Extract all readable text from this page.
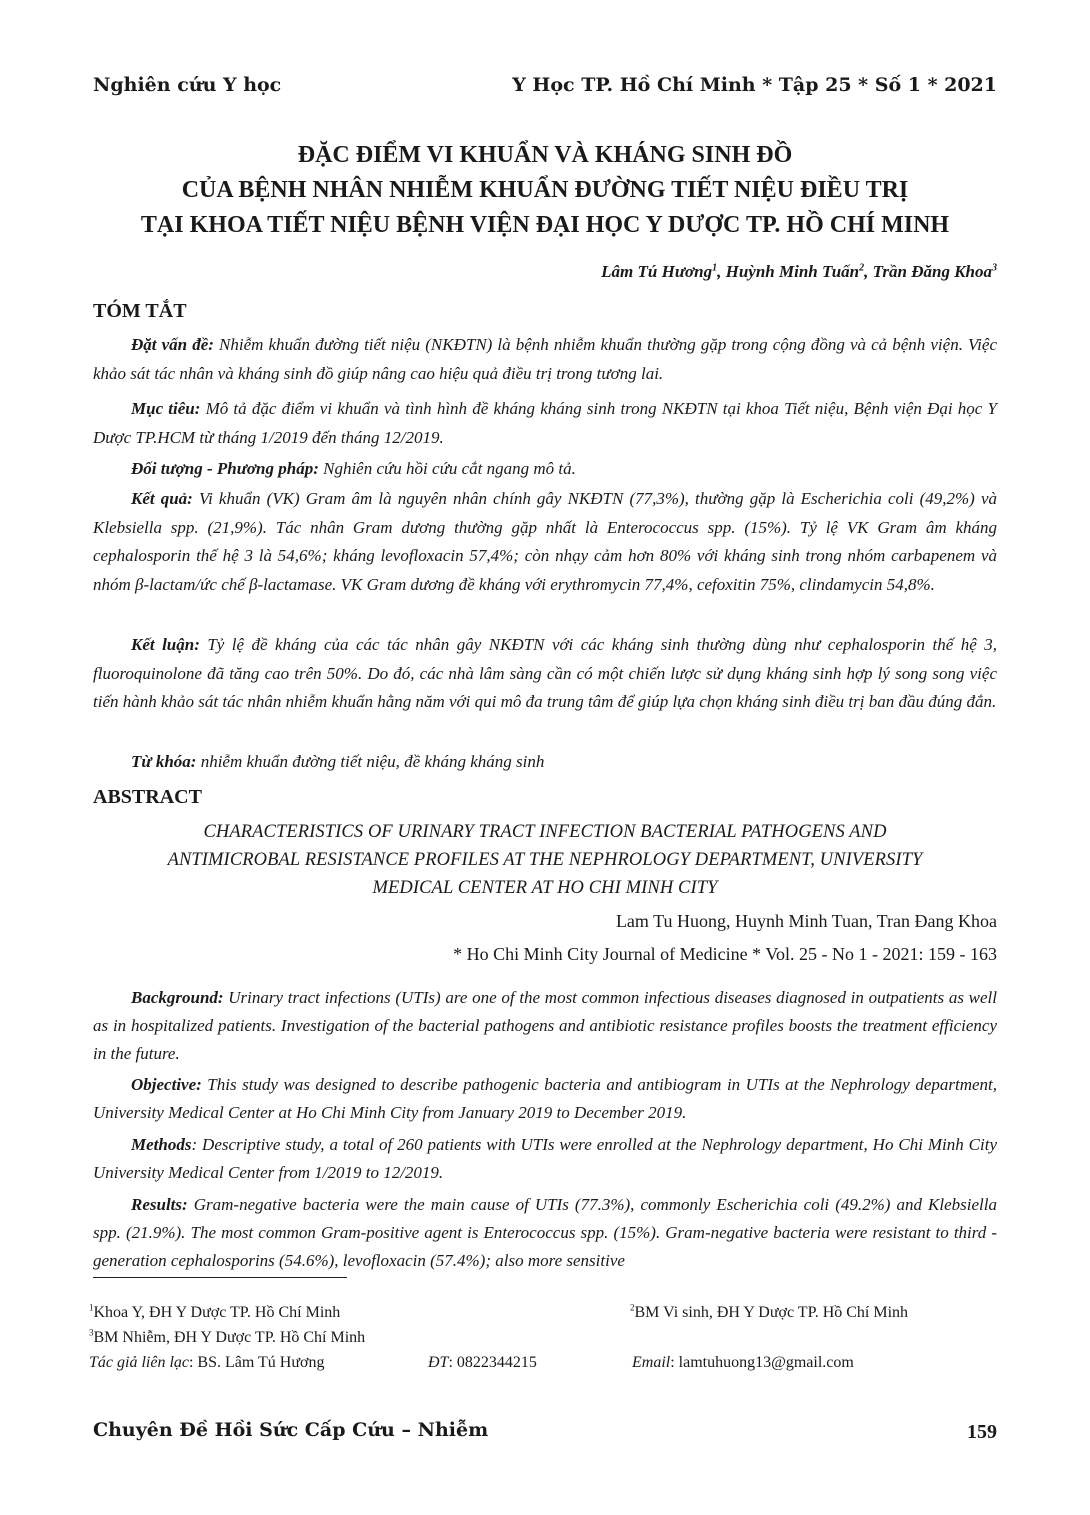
Nghiên cứu Y học	Y Học TP. Hồ Chí Minh * Tập 25 * Số 1 * 2021
ĐẶC ĐIỂM VI KHUẨN VÀ KHÁNG SINH ĐỒ
CỦA BỆNH NHÂN NHIỄM KHUẨN ĐƯỜNG TIẾT NIỆU ĐIỀU TRỊ
TẠI KHOA TIẾT NIỆU BỆNH VIỆN ĐẠI HỌC Y DƯỢC TP. HỒ CHÍ MINH
Lâm Tú Hương$^1$, Huỳnh Minh Tuấn$^2$, Trần Đăng Khoa$^3$
TÓM TẮT

Đặt vấn đề: Nhiễm khuẩn đường tiết niệu (NKĐTN) là bệnh nhiễm khuẩn thường gặp trong cộng đồng và cả bệnh viện. Việc khảo sát tác nhân và kháng sinh đồ giúp nâng cao hiệu quả điều trị trong tương lai.

Mục tiêu: Mô tả đặc điểm vi khuẩn và tình hình đề kháng kháng sinh trong NKĐTN tại khoa Tiết niệu, Bệnh viện Đại học Y Dược TP.HCM từ tháng 1/2019 đến tháng 12/2019.

Đối tượng - Phương pháp: Nghiên cứu hồi cứu cắt ngang mô tả.

Kết quả: Vi khuẩn (VK) Gram âm là nguyên nhân chính gây NKĐTN (77,3%), thường gặp là Escherichia coli (49,2%) và Klebsiella spp. (21,9%). Tác nhân Gram dương thường gặp nhất là Enterococcus spp. (15%). Tỷ lệ VK Gram âm kháng cephalosporin thế hệ 3 là 54,6%; kháng levofloxacin 57,4%; còn nhạy cảm hơn 80% với kháng sinh trong nhóm carbapenem và nhóm β-lactam/ức chế β-lactamase. VK Gram dương đề kháng với erythromycin 77,4%, cefoxitin 75%, clindamycin 54,8%.

Kết luận: Tỷ lệ đề kháng của các tác nhân gây NKĐTN với các kháng sinh thường dùng như cephalosporin thế hệ 3, fluoroquinolone đã tăng cao trên 50%. Do đó, các nhà lâm sàng cần có một chiến lược sử dụng kháng sinh hợp lý song song việc tiến hành khảo sát tác nhân nhiễm khuẩn hằng năm với qui mô đa trung tâm để giúp lựa chọn kháng sinh điều trị ban đầu đúng đắn.

Từ khóa: nhiễm khuẩn đường tiết niệu, đề kháng kháng sinh

ABSTRACT
CHARACTERISTICS OF URINARY TRACT INFECTION BACTERIAL PATHOGENS AND
ANTIMICROBAL RESISTANCE PROFILES AT THE NEPHROLOGY DEPARTMENT, UNIVERSITY
MEDICAL CENTER AT HO CHI MINH CITY
Lam Tu Huong, Huynh Minh Tuan, Tran Đang Khoa
* Ho Chi Minh City Journal of Medicine * Vol. 25 - No 1 - 2021: 159 - 163

Background: Urinary tract infections (UTIs) are one of the most common infectious diseases diagnosed in outpatients as well as in hospitalized patients. Investigation of the bacterial pathogens and antibiotic resistance profiles boosts the treatment efficiency in the future.

Objective: This study was designed to describe pathogenic bacteria and antibiogram in UTIs at the Nephrology department, University Medical Center at Ho Chi Minh City from January 2019 to December 2019.

Methods: Descriptive study, a total of 260 patients with UTIs were enrolled at the Nephrology department, Ho Chi Minh City University Medical Center from 1/2019 to 12/2019.

Results: Gram-negative bacteria were the main cause of UTIs (77.3%), commonly Escherichia coli (49.2%) and Klebsiella spp. (21.9%). The most common Gram-positive agent is Enterococcus spp. (15%). Gram-negative bacteria were resistant to third - generation cephalosporins (54.6%), levofloxacin (57.4%); also more sensitive

$^1$Khoa Y, ĐH Y Dược TP. Hồ Chí Minh	$^2$BM Vi sinh, ĐH Y Dược TP. Hồ Chí Minh
$^3$BM Nhiễm, ĐH Y Dược TP. Hồ Chí Minh
Tác giả liên lạc: BS. Lâm Tú Hương	ĐT: 0822344215	Email: lamtuhuong13@gmail.com
Chuyên Đề Hồi Sức Cấp Cứu – Nhiễm	159
